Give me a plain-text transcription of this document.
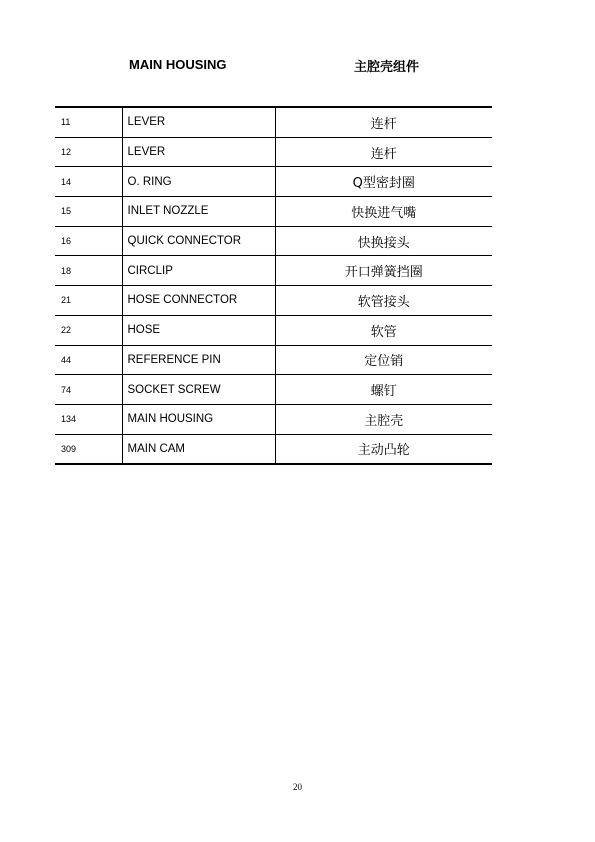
MAIN HOUSING	主腔壳组件
11	LEVER	连杆
12	LEVER	连杆
14	O. RING	Q型密封圈
15	INLET NOZZLE	快换进气嘴
16	QUICK CONNECTOR	快换接头
18	CIRCLIP	开口弹簧挡圈
21	HOSE CONNECTOR	软管接头
22	HOSE	软管
44	REFERENCE PIN	定位销
74	SOCKET SCREW	螺钉
134	MAIN HOUSING	主腔壳
309	MAIN CAM	主动凸轮
20
